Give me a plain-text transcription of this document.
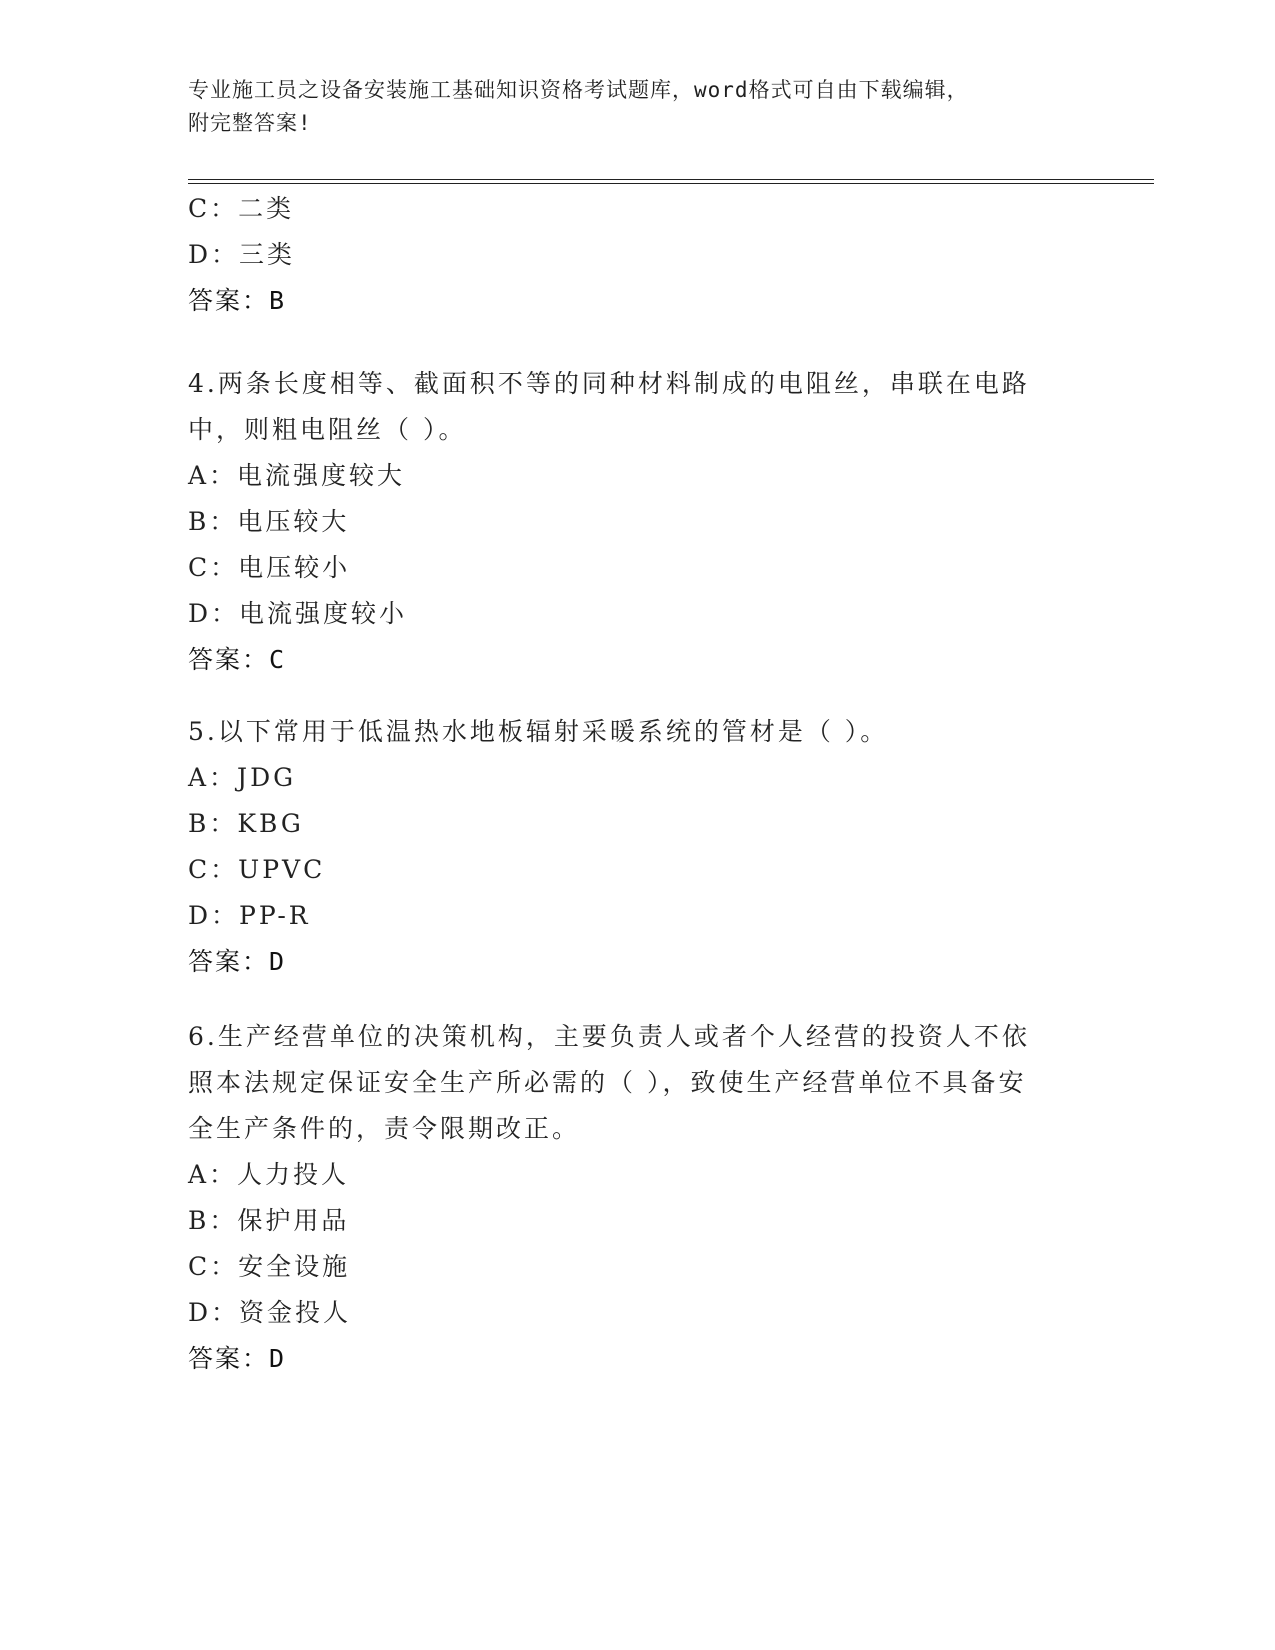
专业施工员之设备安装施工基础知识资格考试题库，word格式可自由下载编辑，
附完整答案!
C：二类
D：三类
答案：B
4.两条长度相等、截面积不等的同种材料制成的电阻丝，串联在电路
中，则粗电阻丝（ ）。
A：电流强度较大
B：电压较大
C：电压较小
D：电流强度较小
答案：C
5.以下常用于低温热水地板辐射采暖系统的管材是（ ）。
A：JDG
B：KBG
C：UPVC
D：PP-R
答案：D
6.生产经营单位的决策机构，主要负责人或者个人经营的投资人不依
照本法规定保证安全生产所必需的（ ），致使生产经营单位不具备安
全生产条件的，责令限期改正。
A：人力投人
B：保护用品
C：安全设施
D：资金投人
答案：D
